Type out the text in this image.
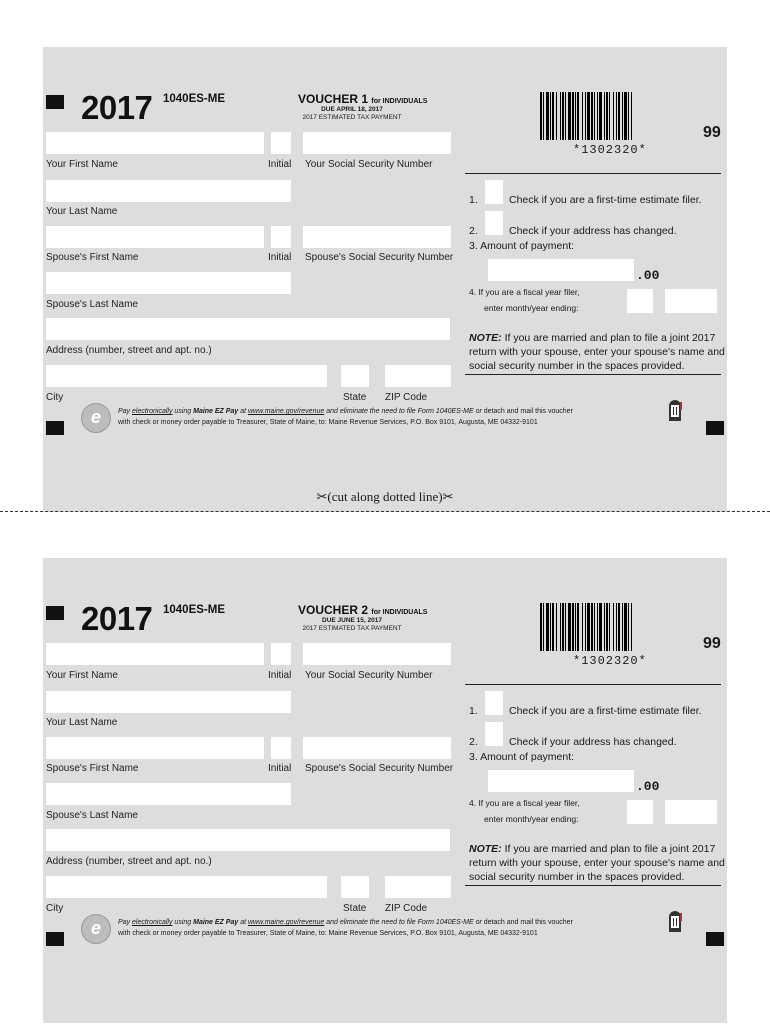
2017 1040ES-ME	VOUCHER 1 for INDIVIDUALS
DUE APRIL 18, 2017
2017 ESTIMATED TAX PAYMENT
*1302320*
99
Your First Name	Initial Your Social Security Number
Your Last Name
Spouse's First Name	Initial Spouse's Social Security Number
Spouse's Last Name
Address (number, street and apt. no.)
City	State ZIP Code
1.	Check if you are a first-time estimate filer.
2.	Check if your address has changed.
3. Amount of payment:
.00
4. If you are a fiscal year filer,
enter month/year ending:
NOTE: If you are married and plan to file a joint 2017 return with your spouse, enter your spouse's name and social security number in the spaces provided.
e	Pay electronically using Maine EZ Pay at www.maine.gov/revenue and eliminate the need to file Form 1040ES-ME or detach and mail this voucher
with check or money order payable to Treasurer, State of Maine, to: Maine Revenue Services, P.O. Box 9101, Augusta, ME 04332-9101
✂(cut along dotted line)✂
2017 1040ES-ME	VOUCHER 2 for INDIVIDUALS
DUE JUNE 15, 2017
2017 ESTIMATED TAX PAYMENT
*1302320*
99
Your First Name	Initial Your Social Security Number
Your Last Name
Spouse's First Name	Initial Spouse's Social Security Number
Spouse's Last Name
Address (number, street and apt. no.)
City	State ZIP Code
1.	Check if you are a first-time estimate filer.
2.	Check if your address has changed.
3. Amount of payment:
.00
4. If you are a fiscal year filer,
enter month/year ending:
NOTE: If you are married and plan to file a joint 2017 return with your spouse, enter your spouse's name and social security number in the spaces provided.
e	Pay electronically using Maine EZ Pay at www.maine.gov/revenue and eliminate the need to file Form 1040ES-ME or detach and mail this voucher
with check or money order payable to Treasurer, State of Maine, to: Maine Revenue Services, P.O. Box 9101, Augusta, ME 04332-9101
